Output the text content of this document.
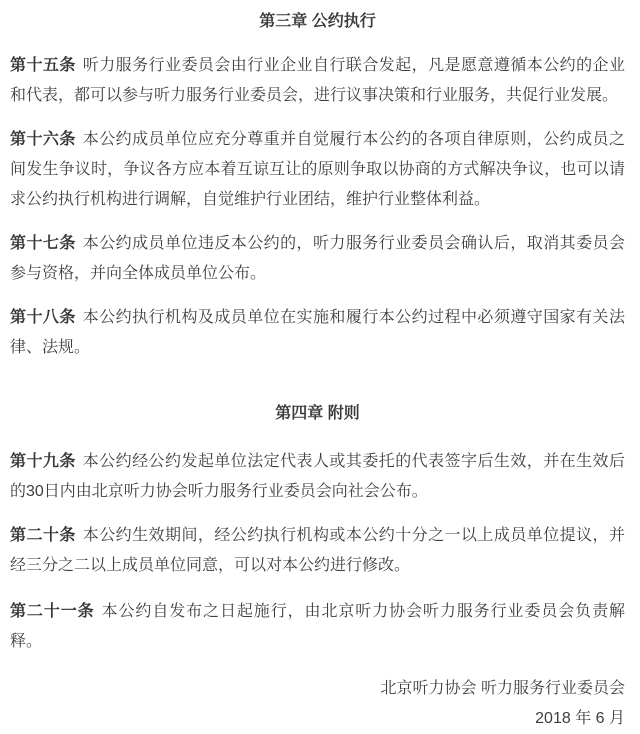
第三章 公约执行

第十五条 听力服务行业委员会由行业企业自行联合发起，凡是愿意遵循本公约的企业和代表，都可以参与听力服务行业委员会，进行议事决策和行业服务，共促行业发展。

第十六条 本公约成员单位应充分尊重并自觉履行本公约的各项自律原则，公约成员之间发生争议时，争议各方应本着互谅互让的原则争取以协商的方式解决争议，也可以请求公约执行机构进行调解，自觉维护行业团结，维护行业整体利益。

第十七条 本公约成员单位违反本公约的，听力服务行业委员会确认后，取消其委员会参与资格，并向全体成员单位公布。

第十八条 本公约执行机构及成员单位在实施和履行本公约过程中必须遵守国家有关法律、法规。

第四章 附则

第十九条 本公约经公约发起单位法定代表人或其委托的代表签字后生效，并在生效后的30日内由北京听力协会听力服务行业委员会向社会公布。

第二十条 本公约生效期间，经公约执行机构或本公约十分之一以上成员单位提议，并经三分之二以上成员单位同意，可以对本公约进行修改。

第二十一条 本公约自发布之日起施行，由北京听力协会听力服务行业委员会负责解释。

北京听力协会 听力服务行业委员会
2018 年 6 月
